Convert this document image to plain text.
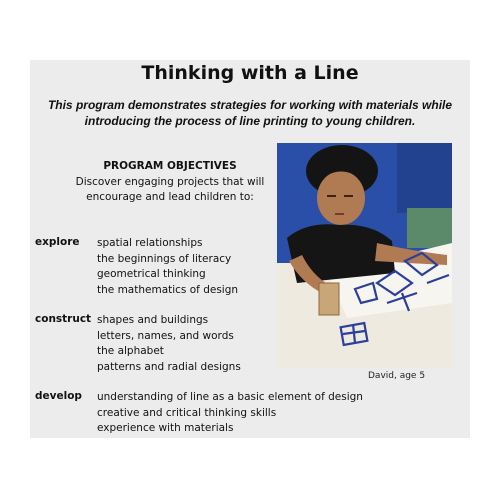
Thinking with a Line
This program demonstrates strategies for working with materials while
introducing the process of line printing to young children.
PROGRAM OBJECTIVES
Discover engaging projects that will
encourage and lead children to:
explore spatial relationships
the beginnings of literacy
geometrical thinking
the mathematics of design
construct shapes and buildings
letters, names, and words
the alphabet
patterns and radial designs
develop understanding of line as a basic element of design
creative and critical thinking skills
experience with materials
David, age 5
